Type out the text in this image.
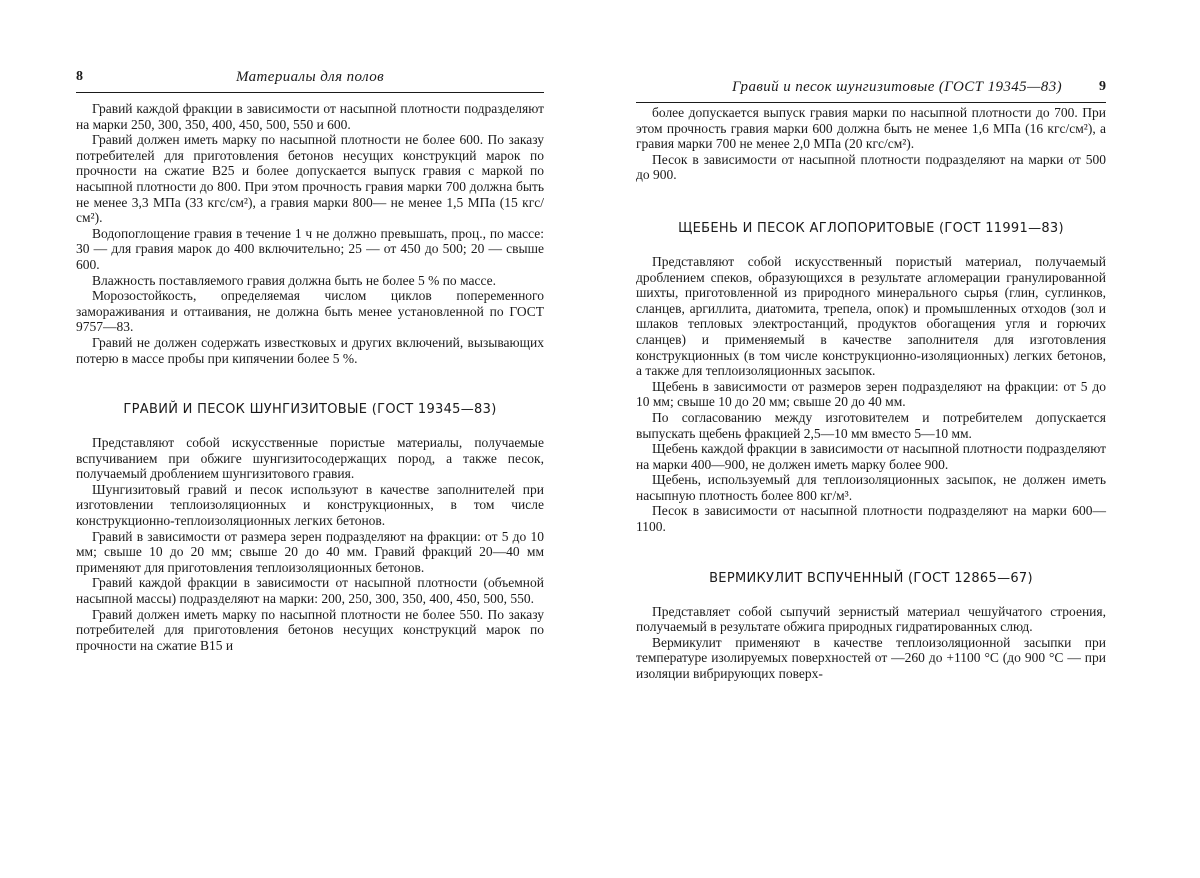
8	Материалы для полов

Гравий каждой фракции в зависимости от насыпной плотности подразделяют на марки 250, 300, 350, 400, 450, 500, 550 и 600.

Гравий должен иметь марку по насыпной плотности не более 600. По заказу потребителей для приготовления бетонов несущих конструкций марок по прочности на сжатие В25 и более допускается выпуск гравия с маркой по насыпной плотности до 800. При этом прочность гравия марки 700 должна быть не менее 3,3 МПа (33 кгс/см²), а гравия марки 800— не менее 1,5 МПа (15 кгс/см²).

Водопоглощение гравия в течение 1 ч не должно превышать, проц., по массе: 30 — для гравия марок до 400 включительно; 25 — от 450 до 500; 20 — свыше 600.

Влажность поставляемого гравия должна быть не более 5 % по массе.

Морозостойкость, определяемая числом циклов попеременного замораживания и оттаивания, не должна быть менее установленной по ГОСТ 9757—83.

Гравий не должен содержать известковых и других включений, вызывающих потерю в массе пробы при кипячении более 5 %.

ГРАВИЙ И ПЕСОК ШУНГИЗИТОВЫЕ (ГОСТ 19345—83)

Представляют собой искусственные пористые материалы, получаемые вспучиванием при обжиге шунгизитосодержащих пород, а также песок, получаемый дроблением шунгизитового гравия.

Шунгизитовый гравий и песок используют в качестве заполнителей при изготовлении теплоизоляционных и конструкционных, в том числе конструкционно-теплоизоляционных легких бетонов.

Гравий в зависимости от размера зерен подразделяют на фракции: от 5 до 10 мм; свыше 10 до 20 мм; свыше 20 до 40 мм. Гравий фракций 20—40 мм применяют для приготовления теплоизоляционных бетонов.

Гравий каждой фракции в зависимости от насыпной плотности (объемной насыпной массы) подразделяют на марки: 200, 250, 300, 350, 400, 450, 500, 550.

Гравий должен иметь марку по насыпной плотности не более 550. По заказу потребителей для приготовления бетонов несущих конструкций марок по прочности на сжатие В15 и

Гравий и песок шунгизитовые (ГОСТ 19345—83)	9

более допускается выпуск гравия марки по насыпной плотности до 700. При этом прочность гравия марки 600 должна быть не менее 1,6 МПа (16 кгс/см²), а гравия марки 700 не менее 2,0 МПа (20 кгс/см²).

Песок в зависимости от насыпной плотности подразделяют на марки от 500 до 900.

ЩЕБЕНЬ И ПЕСОК АГЛОПОРИТОВЫЕ (ГОСТ 11991—83)

Представляют собой искусственный пористый материал, получаемый дроблением спеков, образующихся в результате агломерации гранулированной шихты, приготовленной из природного минерального сырья (глин, суглинков, сланцев, аргиллита, диатомита, трепела, опок) и промышленных отходов (зол и шлаков тепловых электростанций, продуктов обогащения угля и горючих сланцев) и применяемый в качестве заполнителя для изготовления конструкционных (в том числе конструкционно-изоляционных) легких бетонов, а также для теплоизоляционных засыпок.

Щебень в зависимости от размеров зерен подразделяют на фракции: от 5 до 10 мм; свыше 10 до 20 мм; свыше 20 до 40 мм.

По согласованию между изготовителем и потребителем допускается выпускать щебень фракцией 2,5—10 мм вместо 5—10 мм.

Щебень каждой фракции в зависимости от насыпной плотности подразделяют на марки 400—900, не должен иметь марку более 900.

Щебень, используемый для теплоизоляционных засыпок, не должен иметь насыпную плотность более 800 кг/м³.

Песок в зависимости от насыпной плотности подразделяют на марки 600—1100.

ВЕРМИКУЛИТ ВСПУЧЕННЫЙ (ГОСТ 12865—67)

Представляет собой сыпучий зернистый материал чешуйчатого строения, получаемый в результате обжига природных гидратированных слюд.

Вермикулит применяют в качестве теплоизоляционной засыпки при температуре изолируемых поверхностей от —260 до +1100 °С (до 900 °С — при изоляции вибрирующих поверх-
